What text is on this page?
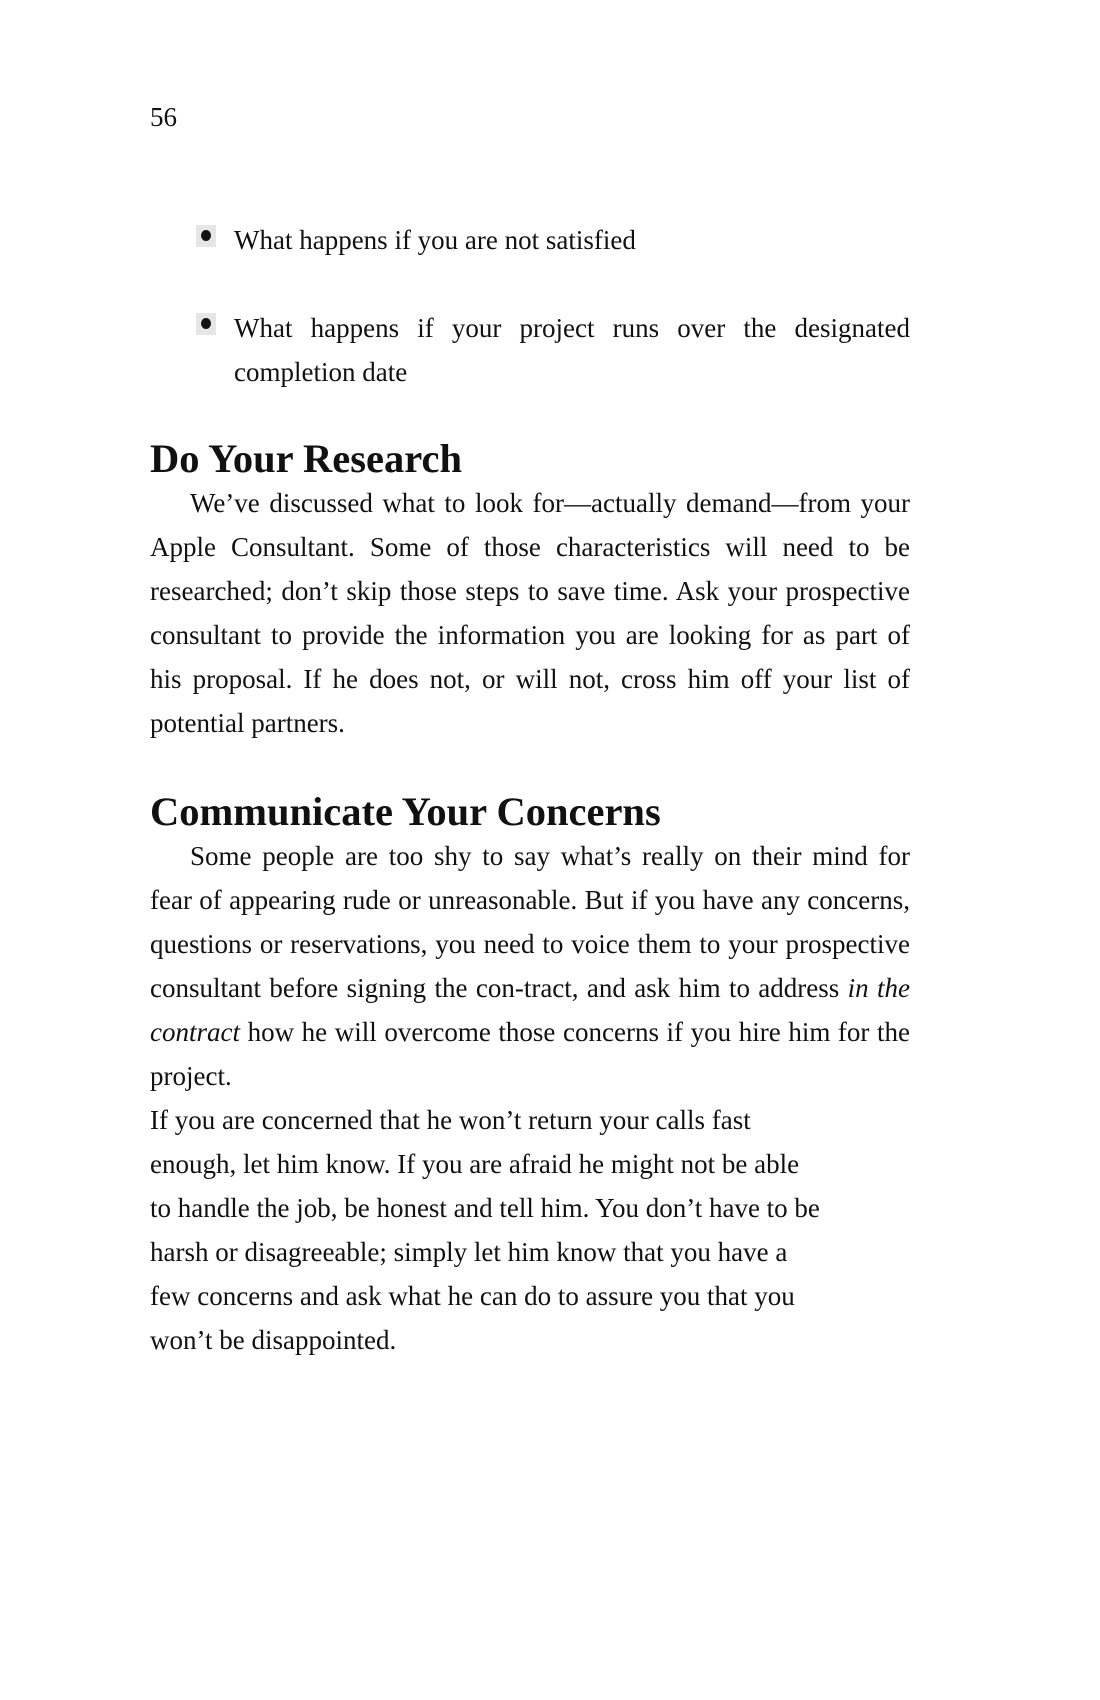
56

What happens if you are not satisfied
What happens if your project runs over the designated completion date
Do Your Research

We’ve discussed what to look for—actually demand—from your Apple Consultant. Some of those characteristics will need to be researched; don’t skip those steps to save time. Ask your prospective consultant to provide the information you are looking for as part of his proposal. If he does not, or will not, cross him off your list of potential partners.

Communicate Your Concerns

Some people are too shy to say what’s really on their mind for fear of appearing rude or unreasonable. But if you have any concerns, questions or reservations, you need to voice them to your prospective consultant before signing the con-tract, and ask him to address in the contract how he will overcome those concerns if you hire him for the project.

If you are concerned that he won’t return your calls fast

enough, let him know. If you are afraid he might not be able

to handle the job, be honest and tell him. You don’t have to be

harsh or disagreeable; simply let him know that you have a

few concerns and ask what he can do to assure you that you

won’t be disappointed.
